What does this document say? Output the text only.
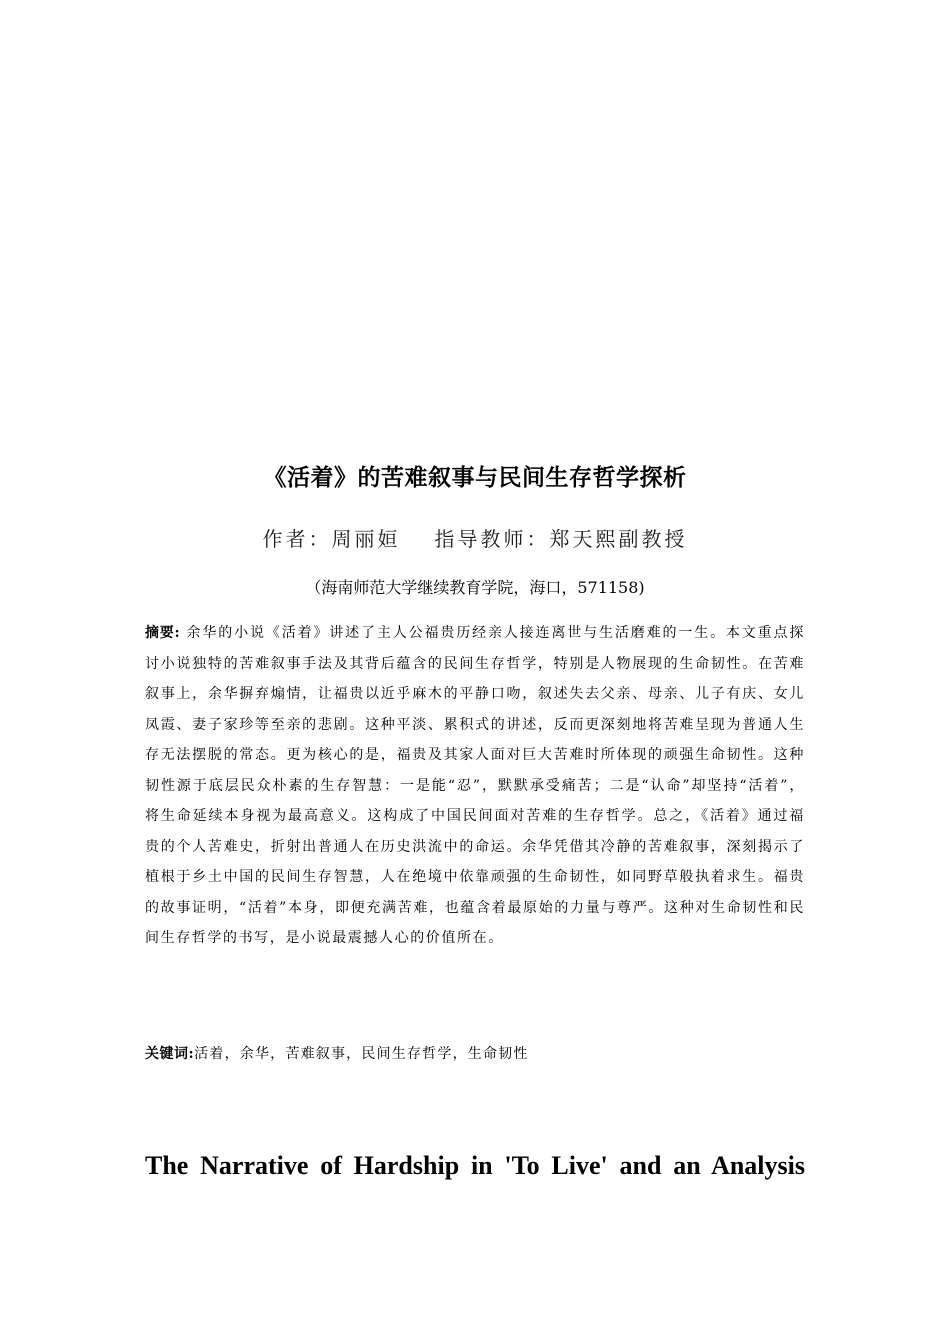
《活着》的苦难叙事与民间生存哲学探析
作者：周丽姮 指导教师：郑天熙副教授
（海南师范大学继续教育学院，海口，571158)

摘要: 余华的小说《活着》讲述了主人公福贵历经亲人接连离世与生活磨难的一生。本文重点探讨小说独特的苦难叙事手法及其背后蕴含的民间生存哲学，特别是人物展现的生命韧性。在苦难叙事上，余华摒弃煽情，让福贵以近乎麻木的平静口吻，叙述失去父亲、母亲、儿子有庆、女儿凤霞、妻子家珍等至亲的悲剧。这种平淡、累积式的讲述，反而更深刻地将苦难呈现为普通人生存无法摆脱的常态。更为核心的是，福贵及其家人面对巨大苦难时所体现的顽强生命韧性。这种韧性源于底层民众朴素的生存智慧：一是能“忍”，默默承受痛苦；二是“认命”却坚持“活着”，将生命延续本身视为最高意义。这构成了中国民间面对苦难的生存哲学。总之，《活着》通过福贵的个人苦难史，折射出普通人在历史洪流中的命运。余华凭借其冷静的苦难叙事，深刻揭示了植根于乡土中国的民间生存智慧，人在绝境中依靠顽强的生命韧性，如同野草般执着求生。福贵的故事证明，“活着”本身，即便充满苦难，也蕴含着最原始的力量与尊严。这种对生命韧性和民间生存哲学的书写，是小说最震撼人心的价值所在。

关键词:活着，余华，苦难叙事，民间生存哲学，生命韧性

The Narrative of Hardship in 'To Live' and an Analysis
